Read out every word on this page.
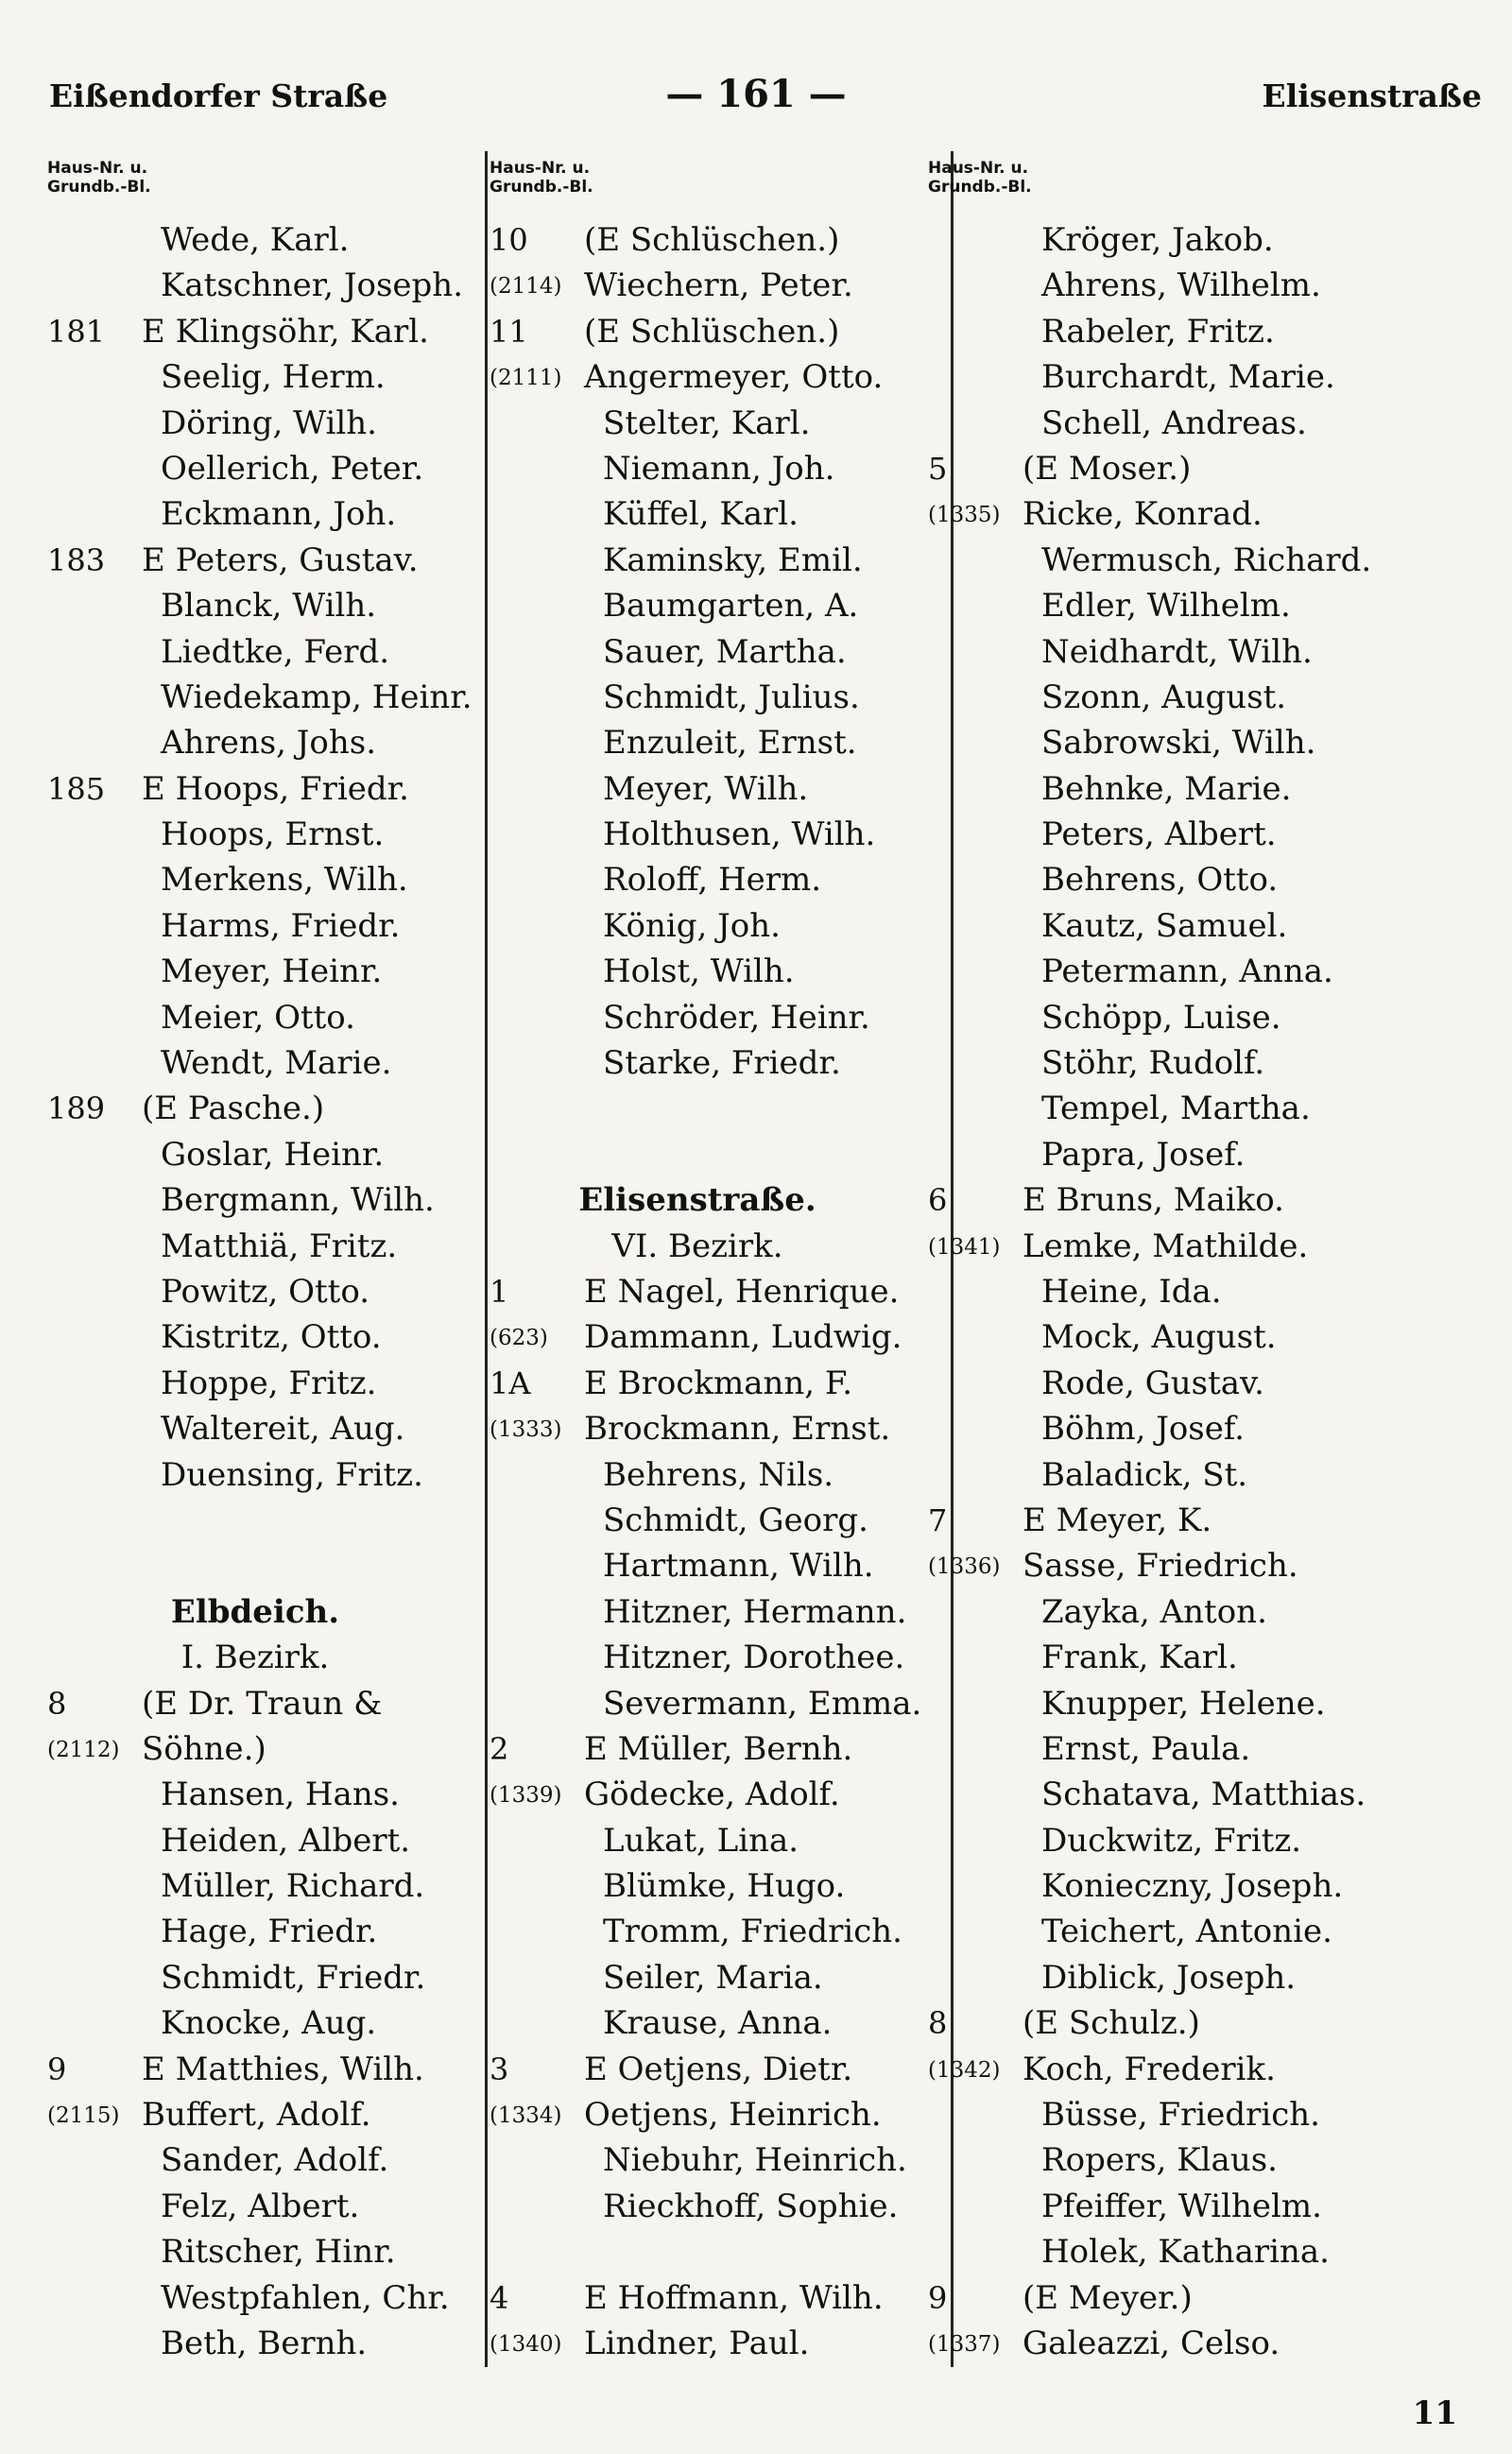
Eißendorfer Straße	— 161 —	Elisenstraße
Haus-Nr. u.
Grundb.-Bl.
Wede, Karl.
Katschner, Joseph.
181	E Klingsöhr, Karl.
Seelig, Herm.
Döring, Wilh.
Oellerich, Peter.
Eckmann, Joh.
183	E Peters, Gustav.
Blanck, Wilh.
Liedtke, Ferd.
Wiedekamp, Heinr.
Ahrens, Johs.
185	E Hoops, Friedr.
Hoops, Ernst.
Merkens, Wilh.
Harms, Friedr.
Meyer, Heinr.
Meier, Otto.
Wendt, Marie.
189	(E Pasche.)
Goslar, Heinr.
Bergmann, Wilh.
Matthiä, Fritz.
Powitz, Otto.
Kistritz, Otto.
Hoppe, Fritz.
Waltereit, Aug.
Duensing, Fritz.
Elbdeich.
I. Bezirk.
8	(E Dr. Traun &
(2112) Söhne.)
Hansen, Hans.
Heiden, Albert.
Müller, Richard.
Hage, Friedr.
Schmidt, Friedr.
Knocke, Aug.
9	E Matthies, Wilh.
(2115) Buffert, Adolf.
Sander, Adolf.
Felz, Albert.
Ritscher, Hinr.
Westpfahlen, Chr.
Beth, Bernh.
Haus-Nr. u.
Grundb.-Bl.
10	(E Schlüschen.)
(2114) Wiechern, Peter.
11	(E Schlüschen.)
(2111) Angermeyer, Otto.
Stelter, Karl.
Niemann, Joh.
Küffel, Karl.
Kaminsky, Emil.
Baumgarten, A.
Sauer, Martha.
Schmidt, Julius.
Enzuleit, Ernst.
Meyer, Wilh.
Holthusen, Wilh.
Roloff, Herm.
König, Joh.
Holst, Wilh.
Schröder, Heinr.
Starke, Friedr.
Elisenstraße.
VI. Bezirk.
1	E Nagel, Henrique.
(623)	Dammann, Ludwig.
1A	E Brockmann, F.
(1333) Brockmann, Ernst.
Behrens, Nils.
Schmidt, Georg.
Hartmann, Wilh.
Hitzner, Hermann.
Hitzner, Dorothee.
Severmann, Emma.
2	E Müller, Bernh.
(1339) Gödecke, Adolf.
Lukat, Lina.
Blümke, Hugo.
Tromm, Friedrich.
Seiler, Maria.
Krause, Anna.
3	E Oetjens, Dietr.
(1334) Oetjens, Heinrich.
Niebuhr, Heinrich.
Rieckhoff, Sophie.
4	E Hoffmann, Wilh.
(1340) Lindner, Paul.
Haus-Nr. u.
Grundb.-Bl.
Kröger, Jakob.
Ahrens, Wilhelm.
Rabeler, Fritz.
Burchardt, Marie.
Schell, Andreas.
5	(E Moser.)
(1335) Ricke, Konrad.
Wermusch, Richard.
Edler, Wilhelm.
Neidhardt, Wilh.
Szonn, August.
Sabrowski, Wilh.
Behnke, Marie.
Peters, Albert.
Behrens, Otto.
Kautz, Samuel.
Petermann, Anna.
Schöpp, Luise.
Stöhr, Rudolf.
Tempel, Martha.
Papra, Josef.
6	E Bruns, Maiko.
(1341) Lemke, Mathilde.
Heine, Ida.
Mock, August.
Rode, Gustav.
Böhm, Josef.
Baladick, St.
7	E Meyer, K.
(1336) Sasse, Friedrich.
Zayka, Anton.
Frank, Karl.
Knupper, Helene.
Ernst, Paula.
Schatava, Matthias.
Duckwitz, Fritz.
Konieczny, Joseph.
Teichert, Antonie.
Diblick, Joseph.
8	(E Schulz.)
(1342) Koch, Frederik.
Büsse, Friedrich.
Ropers, Klaus.
Pfeiffer, Wilhelm.
Holek, Katharina.
9	(E Meyer.)
(1337) Galeazzi, Celso.
11
